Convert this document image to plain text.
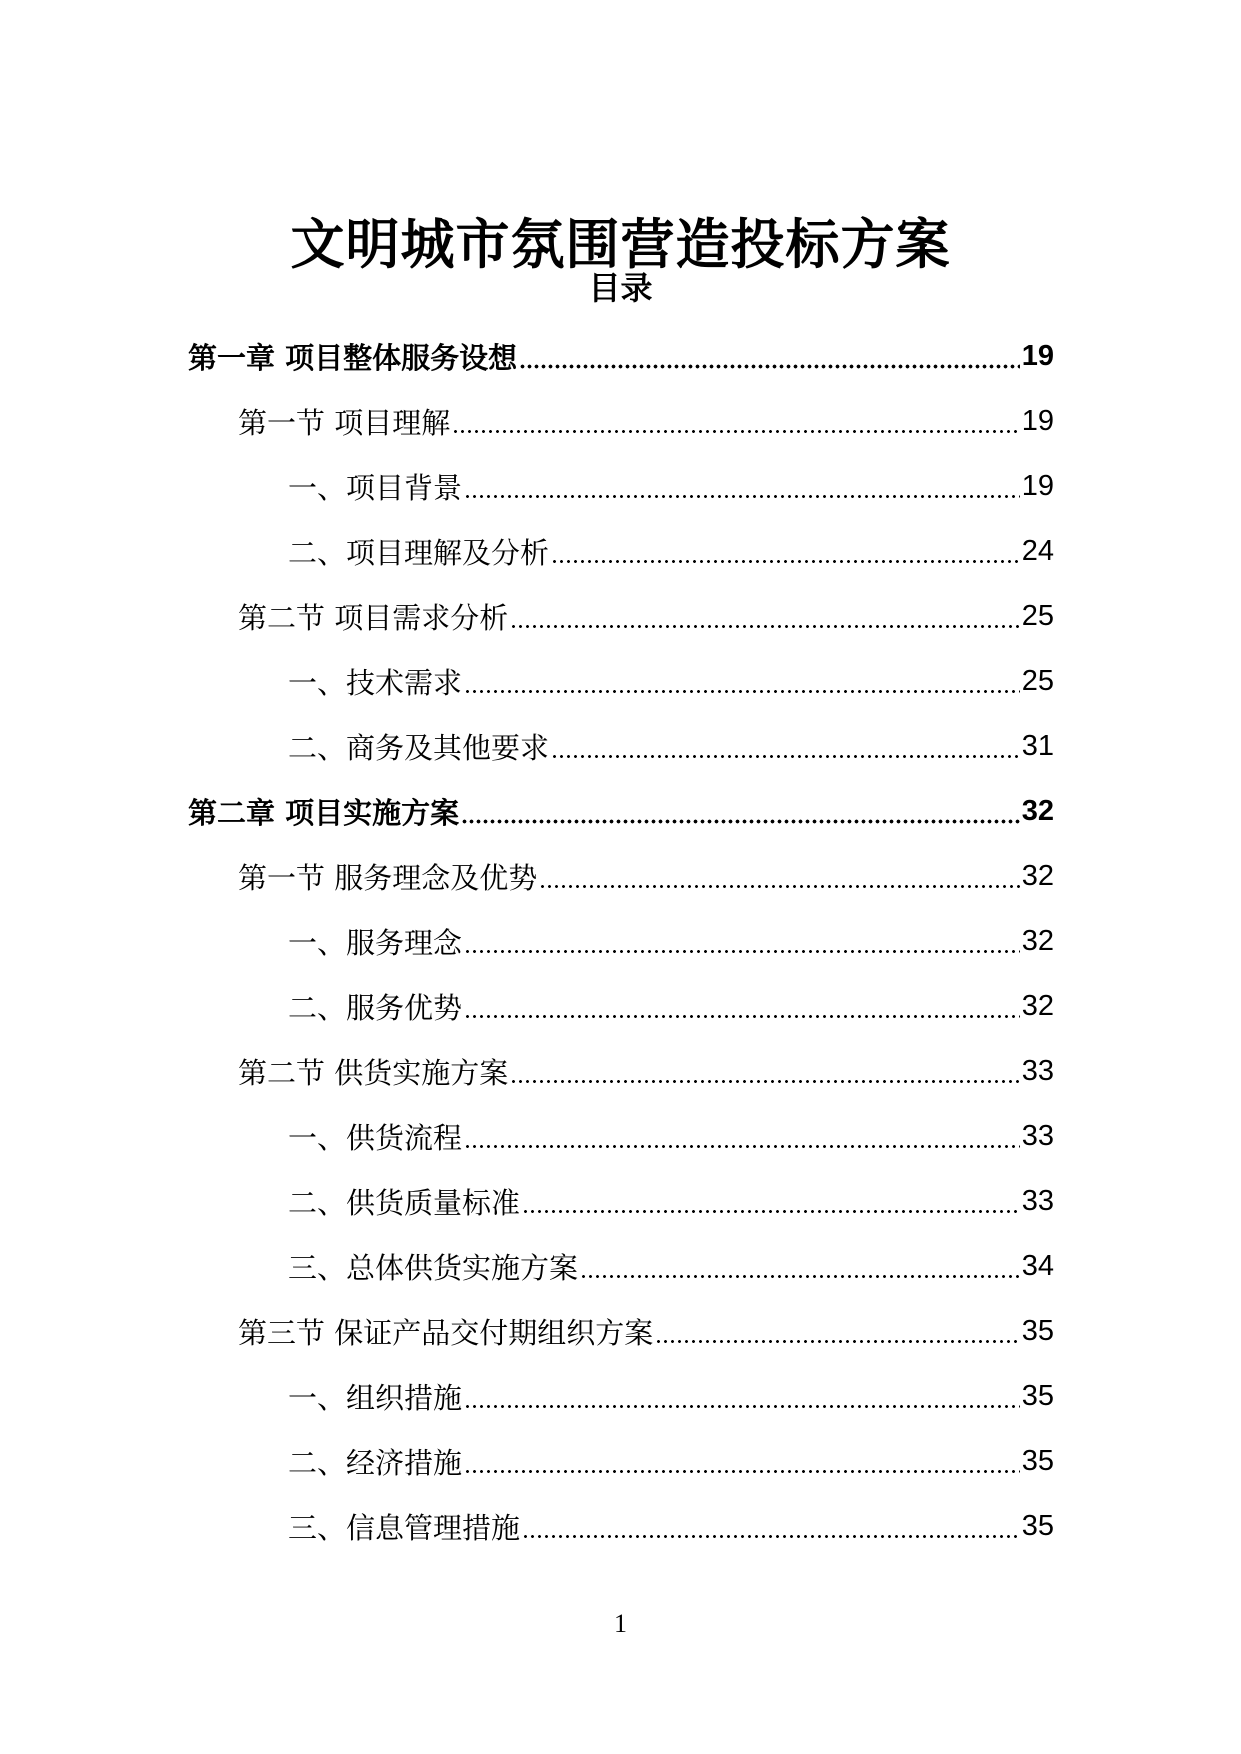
文明城市氛围营造投标方案
目录
第一章 项目整体服务设想	19
第一节 项目理解	19
一、项目背景	19
二、项目理解及分析	24
第二节 项目需求分析	25
一、技术需求	25
二、商务及其他要求	31
第二章 项目实施方案	32
第一节 服务理念及优势	32
一、服务理念	32
二、服务优势	32
第二节 供货实施方案	33
一、供货流程	33
二、供货质量标准	33
三、总体供货实施方案	34
第三节 保证产品交付期组织方案	35
一、组织措施	35
二、经济措施	35
三、信息管理措施	35
1
